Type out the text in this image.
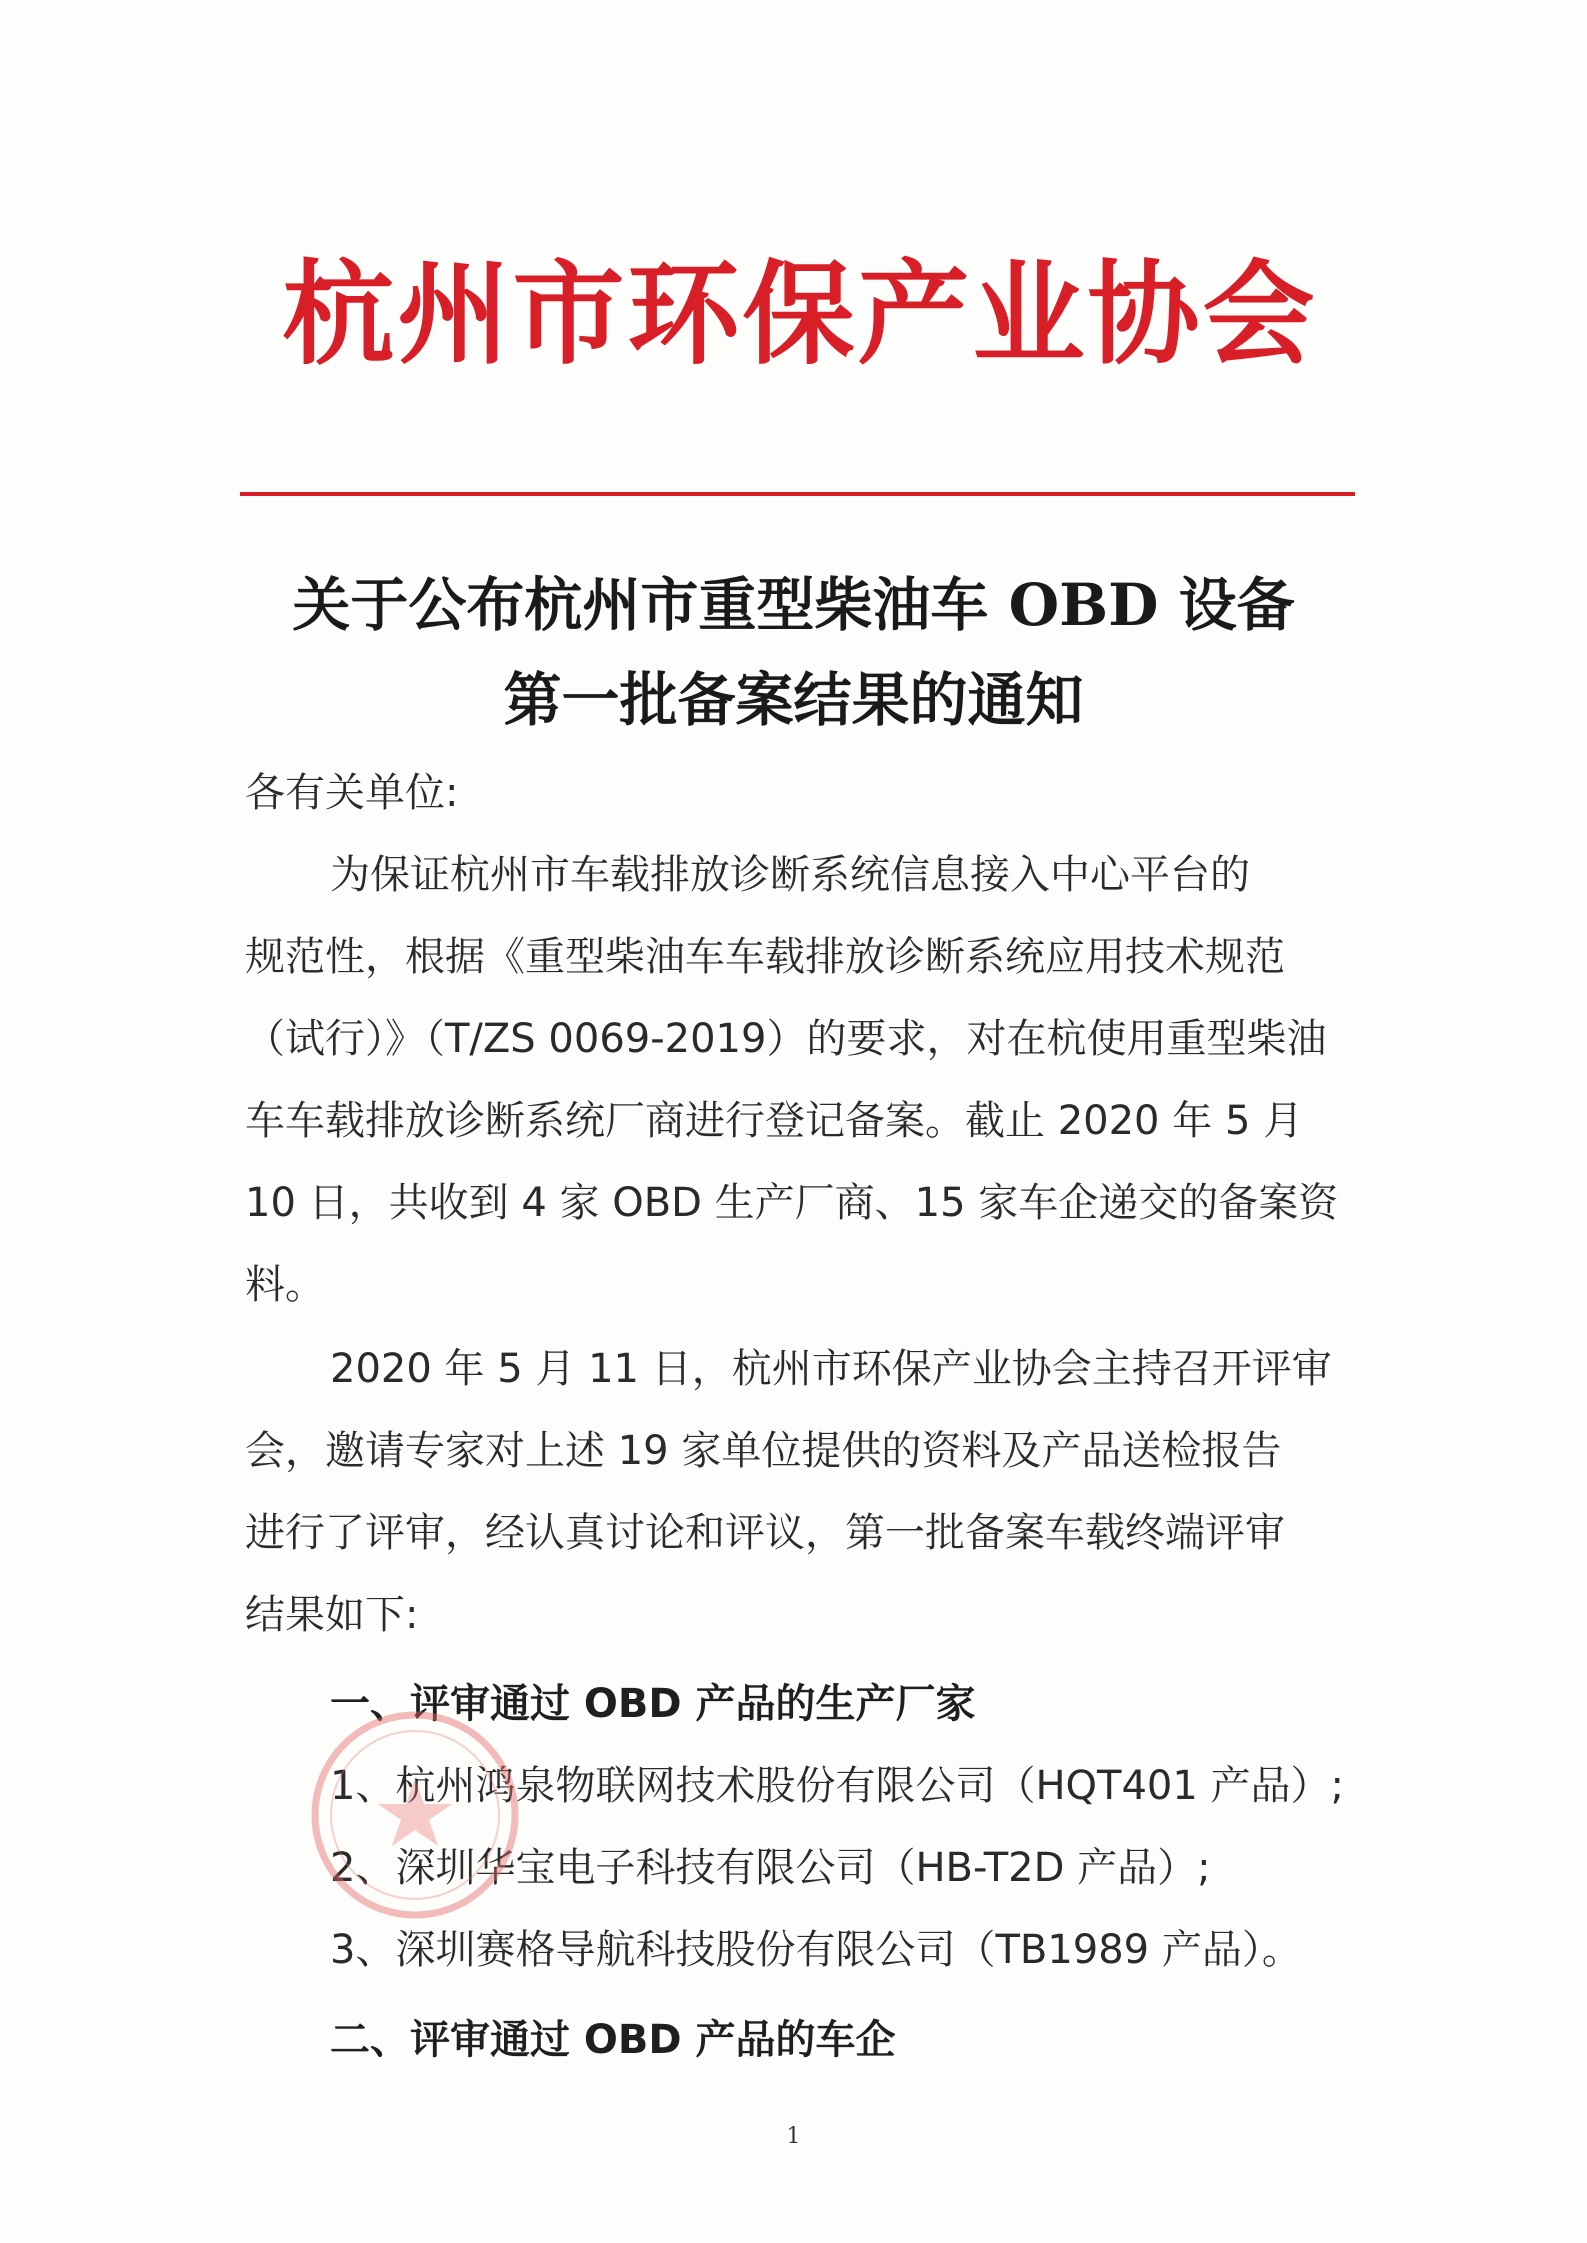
杭州市环保产业协会
关于公布杭州市重型柴油车 OBD 设备
第一批备案结果的通知
各有关单位:
为保证杭州市车载排放诊断系统信息接入中心平台的
规范性，根据《重型柴油车车载排放诊断系统应用技术规范
（试行）》（T/ZS 0069-2019）的要求，对在杭使用重型柴油
车车载排放诊断系统厂商进行登记备案。截止 2020 年 5 月
10 日，共收到 4 家 OBD 生产厂商、15 家车企递交的备案资
料。
2020 年 5 月 11 日，杭州市环保产业协会主持召开评审
会，邀请专家对上述 19 家单位提供的资料及产品送检报告
进行了评审，经认真讨论和评议，第一批备案车载终端评审
结果如下:
一、评审通过 OBD 产品的生产厂家
1、杭州鸿泉物联网技术股份有限公司（HQT401 产品）;
2、深圳华宝电子科技有限公司（HB-T2D 产品）;
3、深圳赛格导航科技股份有限公司（TB1989 产品）。
二、评审通过 OBD 产品的车企
1
